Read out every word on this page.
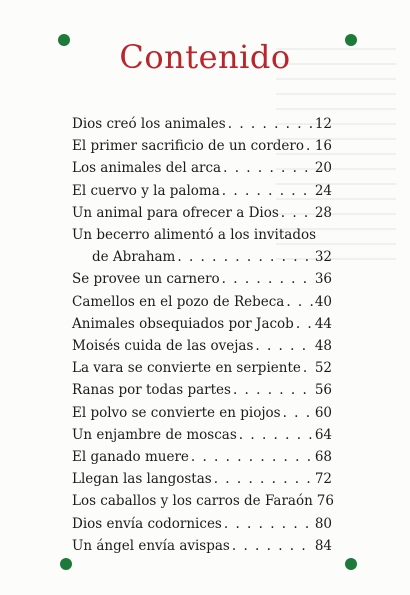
Contenido
Dios creó los animales . . .	12
El primer sacrificio de un cordero . . . 16
Los animales del arca . . .	20
El cuervo y la paloma . . .	24
Un animal para ofrecer a Dios . . .	28
Un becerro alimentó a los invitados
de Abraham . . .	32
Se provee un carnero . . .	36
Camellos en el pozo de Rebeca . . . 40
Animales obsequiados por Jacob . . . 44
Moisés cuida de las ovejas . . .	48
La vara se convierte en serpiente . . . 52
Ranas por todas partes . . .	56
El polvo se convierte en piojos . . .	60
Un enjambre de moscas . . .	64
El ganado muere . . .	68
Llegan las langostas . . .	72
Los caballos y los carros de Faraón 76
Dios envía codornices . . .	80
Un ángel envía avispas . . .	84
